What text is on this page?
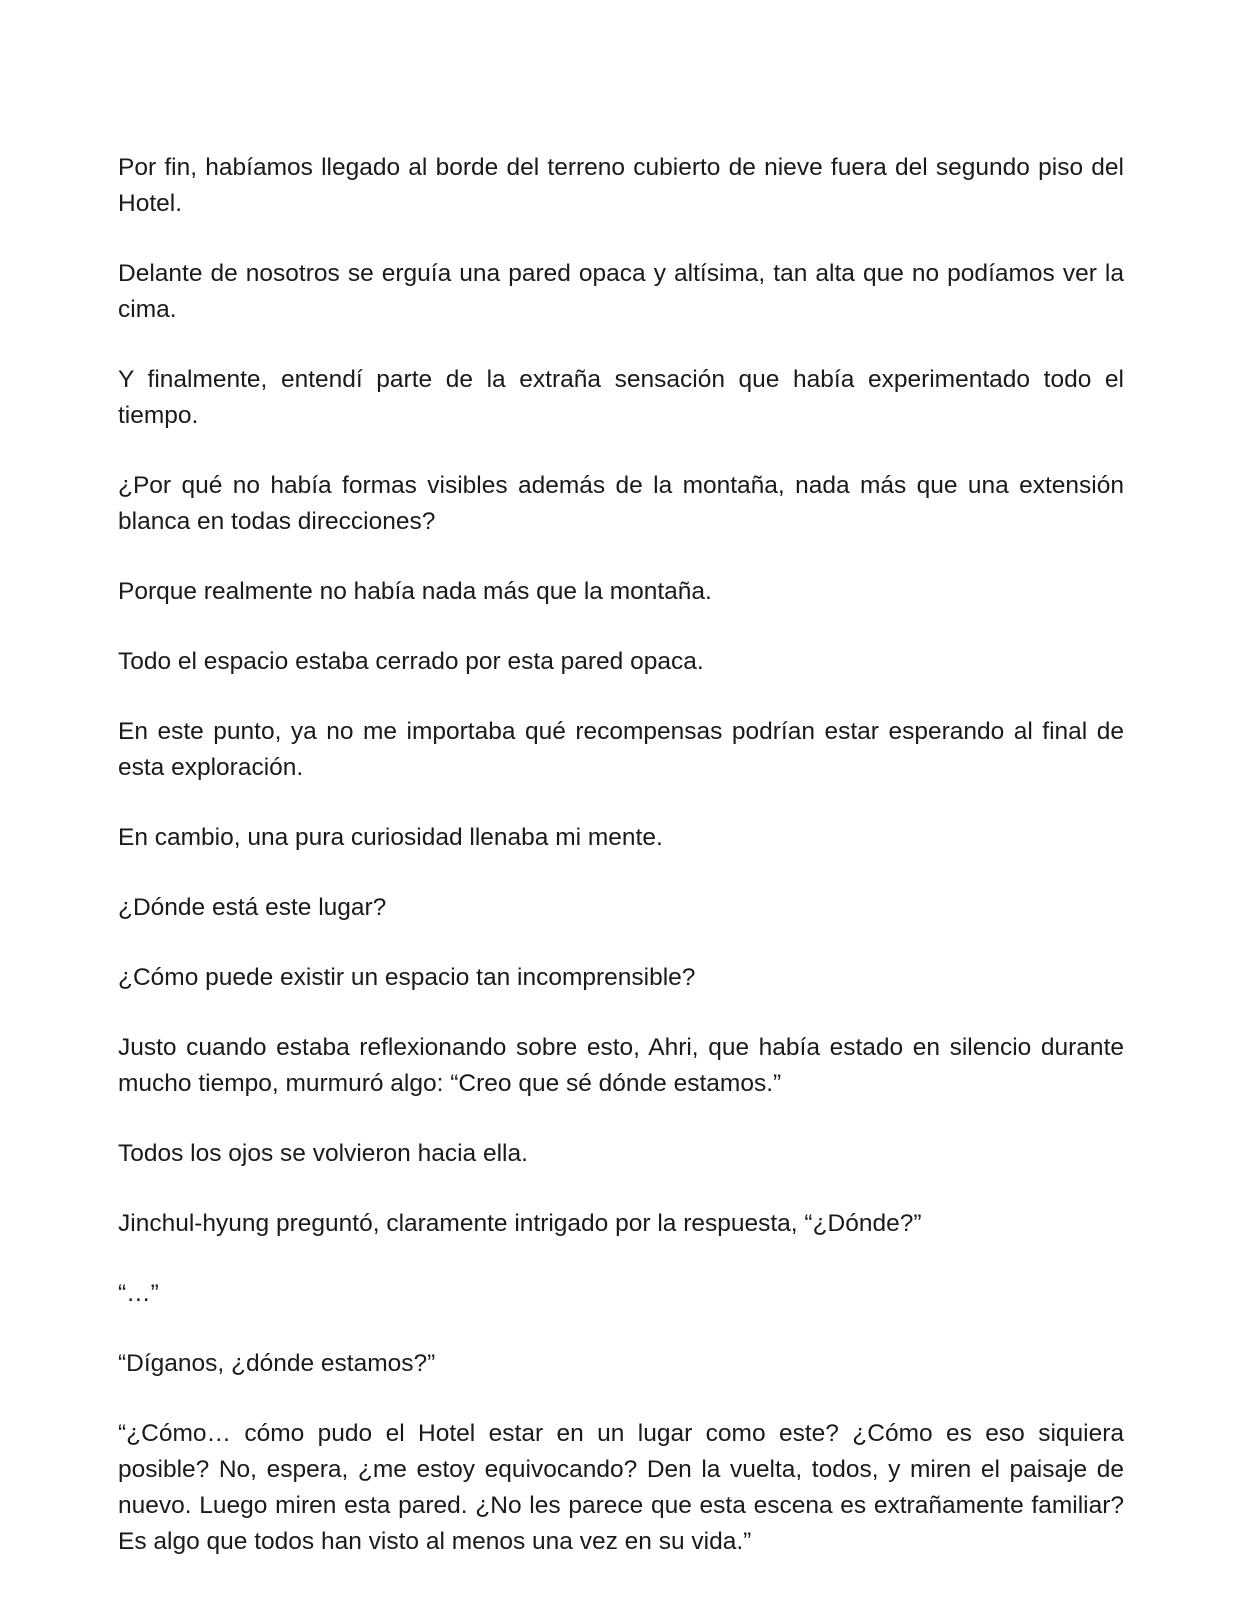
Por fin, habíamos llegado al borde del terreno cubierto de nieve fuera del segundo piso del Hotel.

Delante de nosotros se erguía una pared opaca y altísima, tan alta que no podíamos ver la cima.

Y finalmente, entendí parte de la extraña sensación que había experimentado todo el tiempo.

¿Por qué no había formas visibles además de la montaña, nada más que una extensión blanca en todas direcciones?

Porque realmente no había nada más que la montaña.

Todo el espacio estaba cerrado por esta pared opaca.

En este punto, ya no me importaba qué recompensas podrían estar esperando al final de esta exploración.

En cambio, una pura curiosidad llenaba mi mente.

¿Dónde está este lugar?

¿Cómo puede existir un espacio tan incomprensible?

Justo cuando estaba reflexionando sobre esto, Ahri, que había estado en silencio durante mucho tiempo, murmuró algo: “Creo que sé dónde estamos.”

Todos los ojos se volvieron hacia ella.

Jinchul-hyung preguntó, claramente intrigado por la respuesta, “¿Dónde?”

“…”

“Díganos, ¿dónde estamos?”

“¿Cómo… cómo pudo el Hotel estar en un lugar como este? ¿Cómo es eso siquiera posible? No, espera, ¿me estoy equivocando? Den la vuelta, todos, y miren el paisaje de nuevo. Luego miren esta pared. ¿No les parece que esta escena es extrañamente familiar? Es algo que todos han visto al menos una vez en su vida.”
